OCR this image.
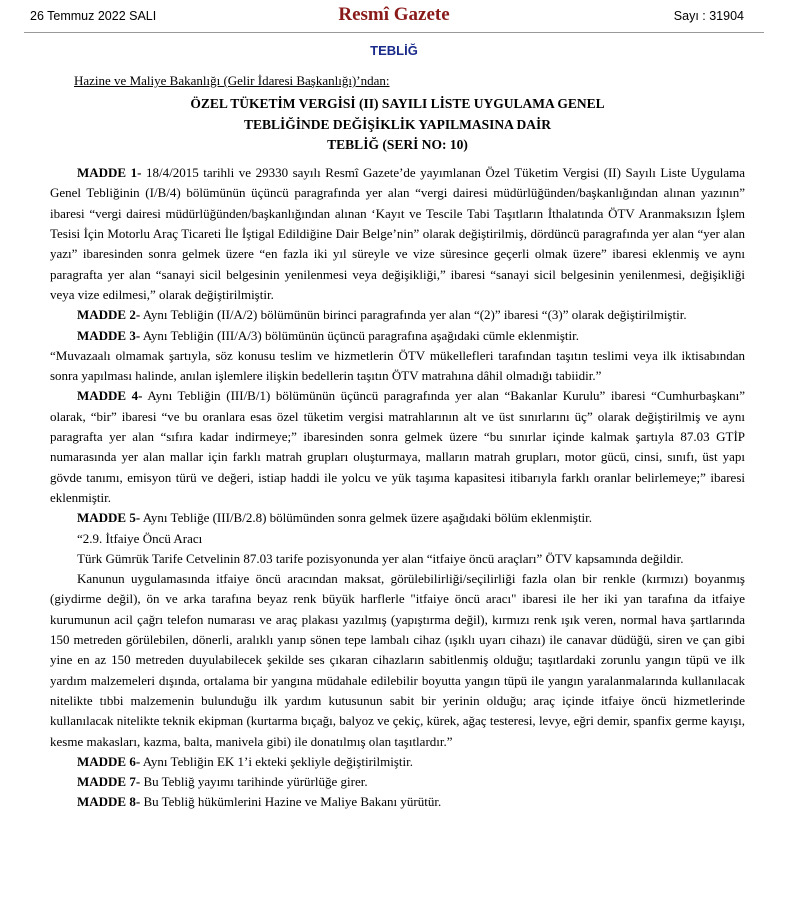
26 Temmuz 2022 SALI	Resmî Gazete	Sayı : 31904
TEBLİĞ

Hazine ve Maliye Bakanlığı (Gelir İdaresi Başkanlığı)’ndan:

ÖZEL TÜKETİM VERGİSİ (II) SAYILI LİSTE UYGULAMA GENEL

TEBLİĞİNDE DEĞİŞİKLİK YAPILMASINA DAİR

TEBLİĞ (SERİ NO: 10)

MADDE 1- 18/4/2015 tarihli ve 29330 sayılı Resmî Gazete’de yayımlanan Özel Tüketim Vergisi (II) Sayılı Liste Uygulama Genel Tebliğinin (I/B/4) bölümünün üçüncü paragrafında yer alan “vergi dairesi müdürlüğünden/başkanlığından alınan yazının” ibaresi “vergi dairesi müdürlüğünden/başkanlığından alınan ‘Kayıt ve Tescile Tabi Taşıtların İthalatında ÖTV Aranmaksızın İşlem Tesisi İçin Motorlu Araç Ticareti İle İştigal Edildiğine Dair Belge’nin” olarak değiştirilmiş, dördüncü paragrafında yer alan “yer alan yazı” ibaresinden sonra gelmek üzere “en fazla iki yıl süreyle ve vize süresince geçerli olmak üzere” ibaresi eklenmiş ve aynı paragrafta yer alan “sanayi sicil belgesinin yenilenmesi veya değişikliği,” ibaresi “sanayi sicil belgesinin yenilenmesi, değişikliği veya vize edilmesi,” olarak değiştirilmiştir.

MADDE 2- Aynı Tebliğin (II/A/2) bölümünün birinci paragrafında yer alan “(2)” ibaresi “(3)” olarak değiştirilmiştir.

MADDE 3- Aynı Tebliğin (III/A/3) bölümünün üçüncü paragrafına aşağıdaki cümle eklenmiştir.

“Muvazaalı olmamak şartıyla, söz konusu teslim ve hizmetlerin ÖTV mükellefleri tarafından taşıtın teslimi veya ilk iktisabından sonra yapılması halinde, anılan işlemlere ilişkin bedellerin taşıtın ÖTV matrahına dâhil olmadığı tabiidir.”

MADDE 4- Aynı Tebliğin (III/B/1) bölümünün üçüncü paragrafında yer alan “Bakanlar Kurulu” ibaresi “Cumhurbaşkanı” olarak, “bir” ibaresi “ve bu oranlara esas özel tüketim vergisi matrahlarının alt ve üst sınırlarını üç” olarak değiştirilmiş ve aynı paragrafta yer alan “sıfıra kadar indirmeye;” ibaresinden sonra gelmek üzere “bu sınırlar içinde kalmak şartıyla 87.03 GTİP numarasında yer alan mallar için farklı matrah grupları oluşturmaya, malların matrah grupları, motor gücü, cinsi, sınıfı, üst yapı gövde tanımı, emisyon türü ve değeri, istiap haddi ile yolcu ve yük taşıma kapasitesi itibarıyla farklı oranlar belirlemeye;” ibaresi eklenmiştir.

MADDE 5- Aynı Tebliğe (III/B/2.8) bölümünden sonra gelmek üzere aşağıdaki bölüm eklenmiştir.

“2.9. İtfaiye Öncü Aracı

Türk Gümrük Tarife Cetvelinin 87.03 tarife pozisyonunda yer alan “itfaiye öncü araçları” ÖTV kapsamında değildir.

Kanunun uygulamasında itfaiye öncü aracından maksat, görülebilirliği/seçilirliği fazla olan bir renkle (kırmızı) boyanmış (giydirme değil), ön ve arka tarafına beyaz renk büyük harflerle "itfaiye öncü aracı" ibaresi ile her iki yan tarafına da itfaiye kurumunun acil çağrı telefon numarası ve araç plakası yazılmış (yapıştırma değil), kırmızı renk ışık veren, normal hava şartlarında 150 metreden görülebilen, dönerli, aralıklı yanıp sönen tepe lambalı cihaz (ışıklı uyarı cihazı) ile canavar düdüğü, siren ve çan gibi yine en az 150 metreden duyulabilecek şekilde ses çıkaran cihazların sabitlenmiş olduğu; taşıtlardaki zorunlu yangın tüpü ve ilk yardım malzemeleri dışında, ortalama bir yangına müdahale edilebilir boyutta yangın tüpü ile yangın yaralanmalarında kullanılacak nitelikte tıbbi malzemenin bulunduğu ilk yardım kutusunun sabit bir yerinin olduğu; araç içinde itfaiye öncü hizmetlerinde kullanılacak nitelikte teknik ekipman (kurtarma bıçağı, balyoz ve çekiç, kürek, ağaç testeresi, levye, eğri demir, spanfix germe kayışı, kesme makasları, kazma, balta, manivela gibi) ile donatılmış olan taşıtlardır.”

MADDE 6- Aynı Tebliğin EK 1’i ekteki şekliyle değiştirilmiştir.

MADDE 7- Bu Tebliğ yayımı tarihinde yürürlüğe girer.

MADDE 8- Bu Tebliğ hükümlerini Hazine ve Maliye Bakanı yürütür.
